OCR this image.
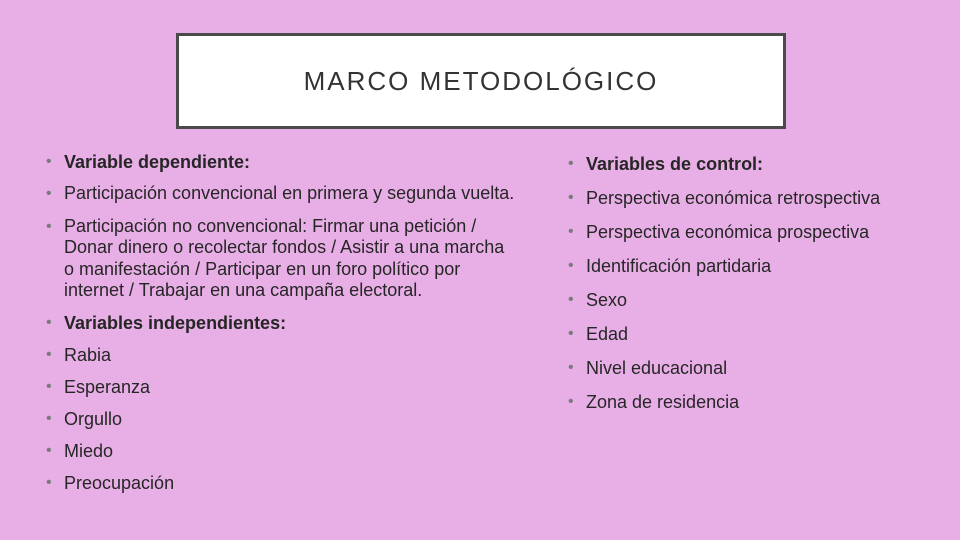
MARCO METODOLÓGICO
• Variable dependiente:
• Participación convencional en primera y segunda vuelta.
• Participación no convencional: Firmar una petición / Donar dinero o recolectar fondos / Asistir a una marcha o manifestación / Participar en un foro político por internet / Trabajar en una campaña electoral.
• Variables independientes:
• Rabia
• Esperanza
• Orgullo
• Miedo
• Preocupación
• Variables de control:
• Perspectiva económica retrospectiva
• Perspectiva económica prospectiva
• Identificación partidaria
• Sexo
• Edad
• Nivel educacional
• Zona de residencia
